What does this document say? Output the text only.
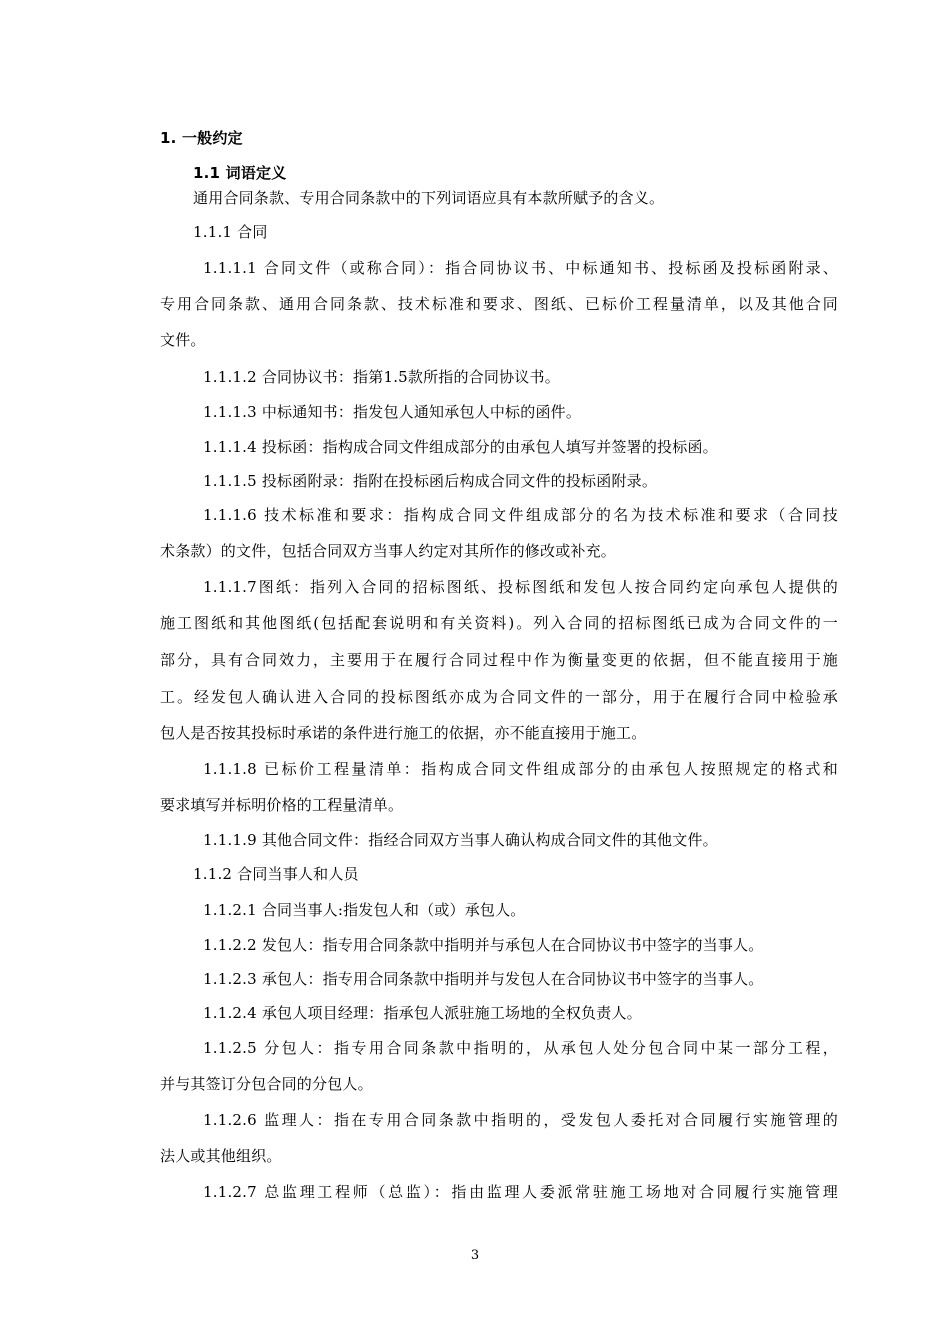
1. 一般约定
1.1 词语定义
通用合同条款、专用合同条款中的下列词语应具有本款所赋予的含义。
1.1.1 合同
1.1.1.1 合同文件（或称合同）：指合同协议书、中标通知书、投标函及投标函附录、
专用合同条款、通用合同条款、技术标准和要求、图纸、已标价工程量清单，以及其他合同
文件。
1.1.1.2 合同协议书：指第1.5款所指的合同协议书。
1.1.1.3 中标通知书：指发包人通知承包人中标的函件。
1.1.1.4 投标函：指构成合同文件组成部分的由承包人填写并签署的投标函。
1.1.1.5 投标函附录：指附在投标函后构成合同文件的投标函附录。
1.1.1.6 技术标准和要求：指构成合同文件组成部分的名为技术标准和要求（合同技
术条款）的文件，包括合同双方当事人约定对其所作的修改或补充。
1.1.1.7图纸：指列入合同的招标图纸、投标图纸和发包人按合同约定向承包人提供的
施工图纸和其他图纸(包括配套说明和有关资料)。列入合同的招标图纸已成为合同文件的一
部分，具有合同效力，主要用于在履行合同过程中作为衡量变更的依据，但不能直接用于施
工。经发包人确认进入合同的投标图纸亦成为合同文件的一部分，用于在履行合同中检验承
包人是否按其投标时承诺的条件进行施工的依据，亦不能直接用于施工。
1.1.1.8 已标价工程量清单：指构成合同文件组成部分的由承包人按照规定的格式和
要求填写并标明价格的工程量清单。
1.1.1.9 其他合同文件：指经合同双方当事人确认构成合同文件的其他文件。
1.1.2 合同当事人和人员
1.1.2.1 合同当事人:指发包人和（或）承包人。
1.1.2.2 发包人：指专用合同条款中指明并与承包人在合同协议书中签字的当事人。
1.1.2.3 承包人：指专用合同条款中指明并与发包人在合同协议书中签字的当事人。
1.1.2.4 承包人项目经理：指承包人派驻施工场地的全权负责人。
1.1.2.5 分包人：指专用合同条款中指明的，从承包人处分包合同中某一部分工程，
并与其签订分包合同的分包人。
1.1.2.6 监理人：指在专用合同条款中指明的，受发包人委托对合同履行实施管理的
法人或其他组织。
1.1.2.7 总监理工程师（总监）：指由监理人委派常驻施工场地对合同履行实施管理
3
